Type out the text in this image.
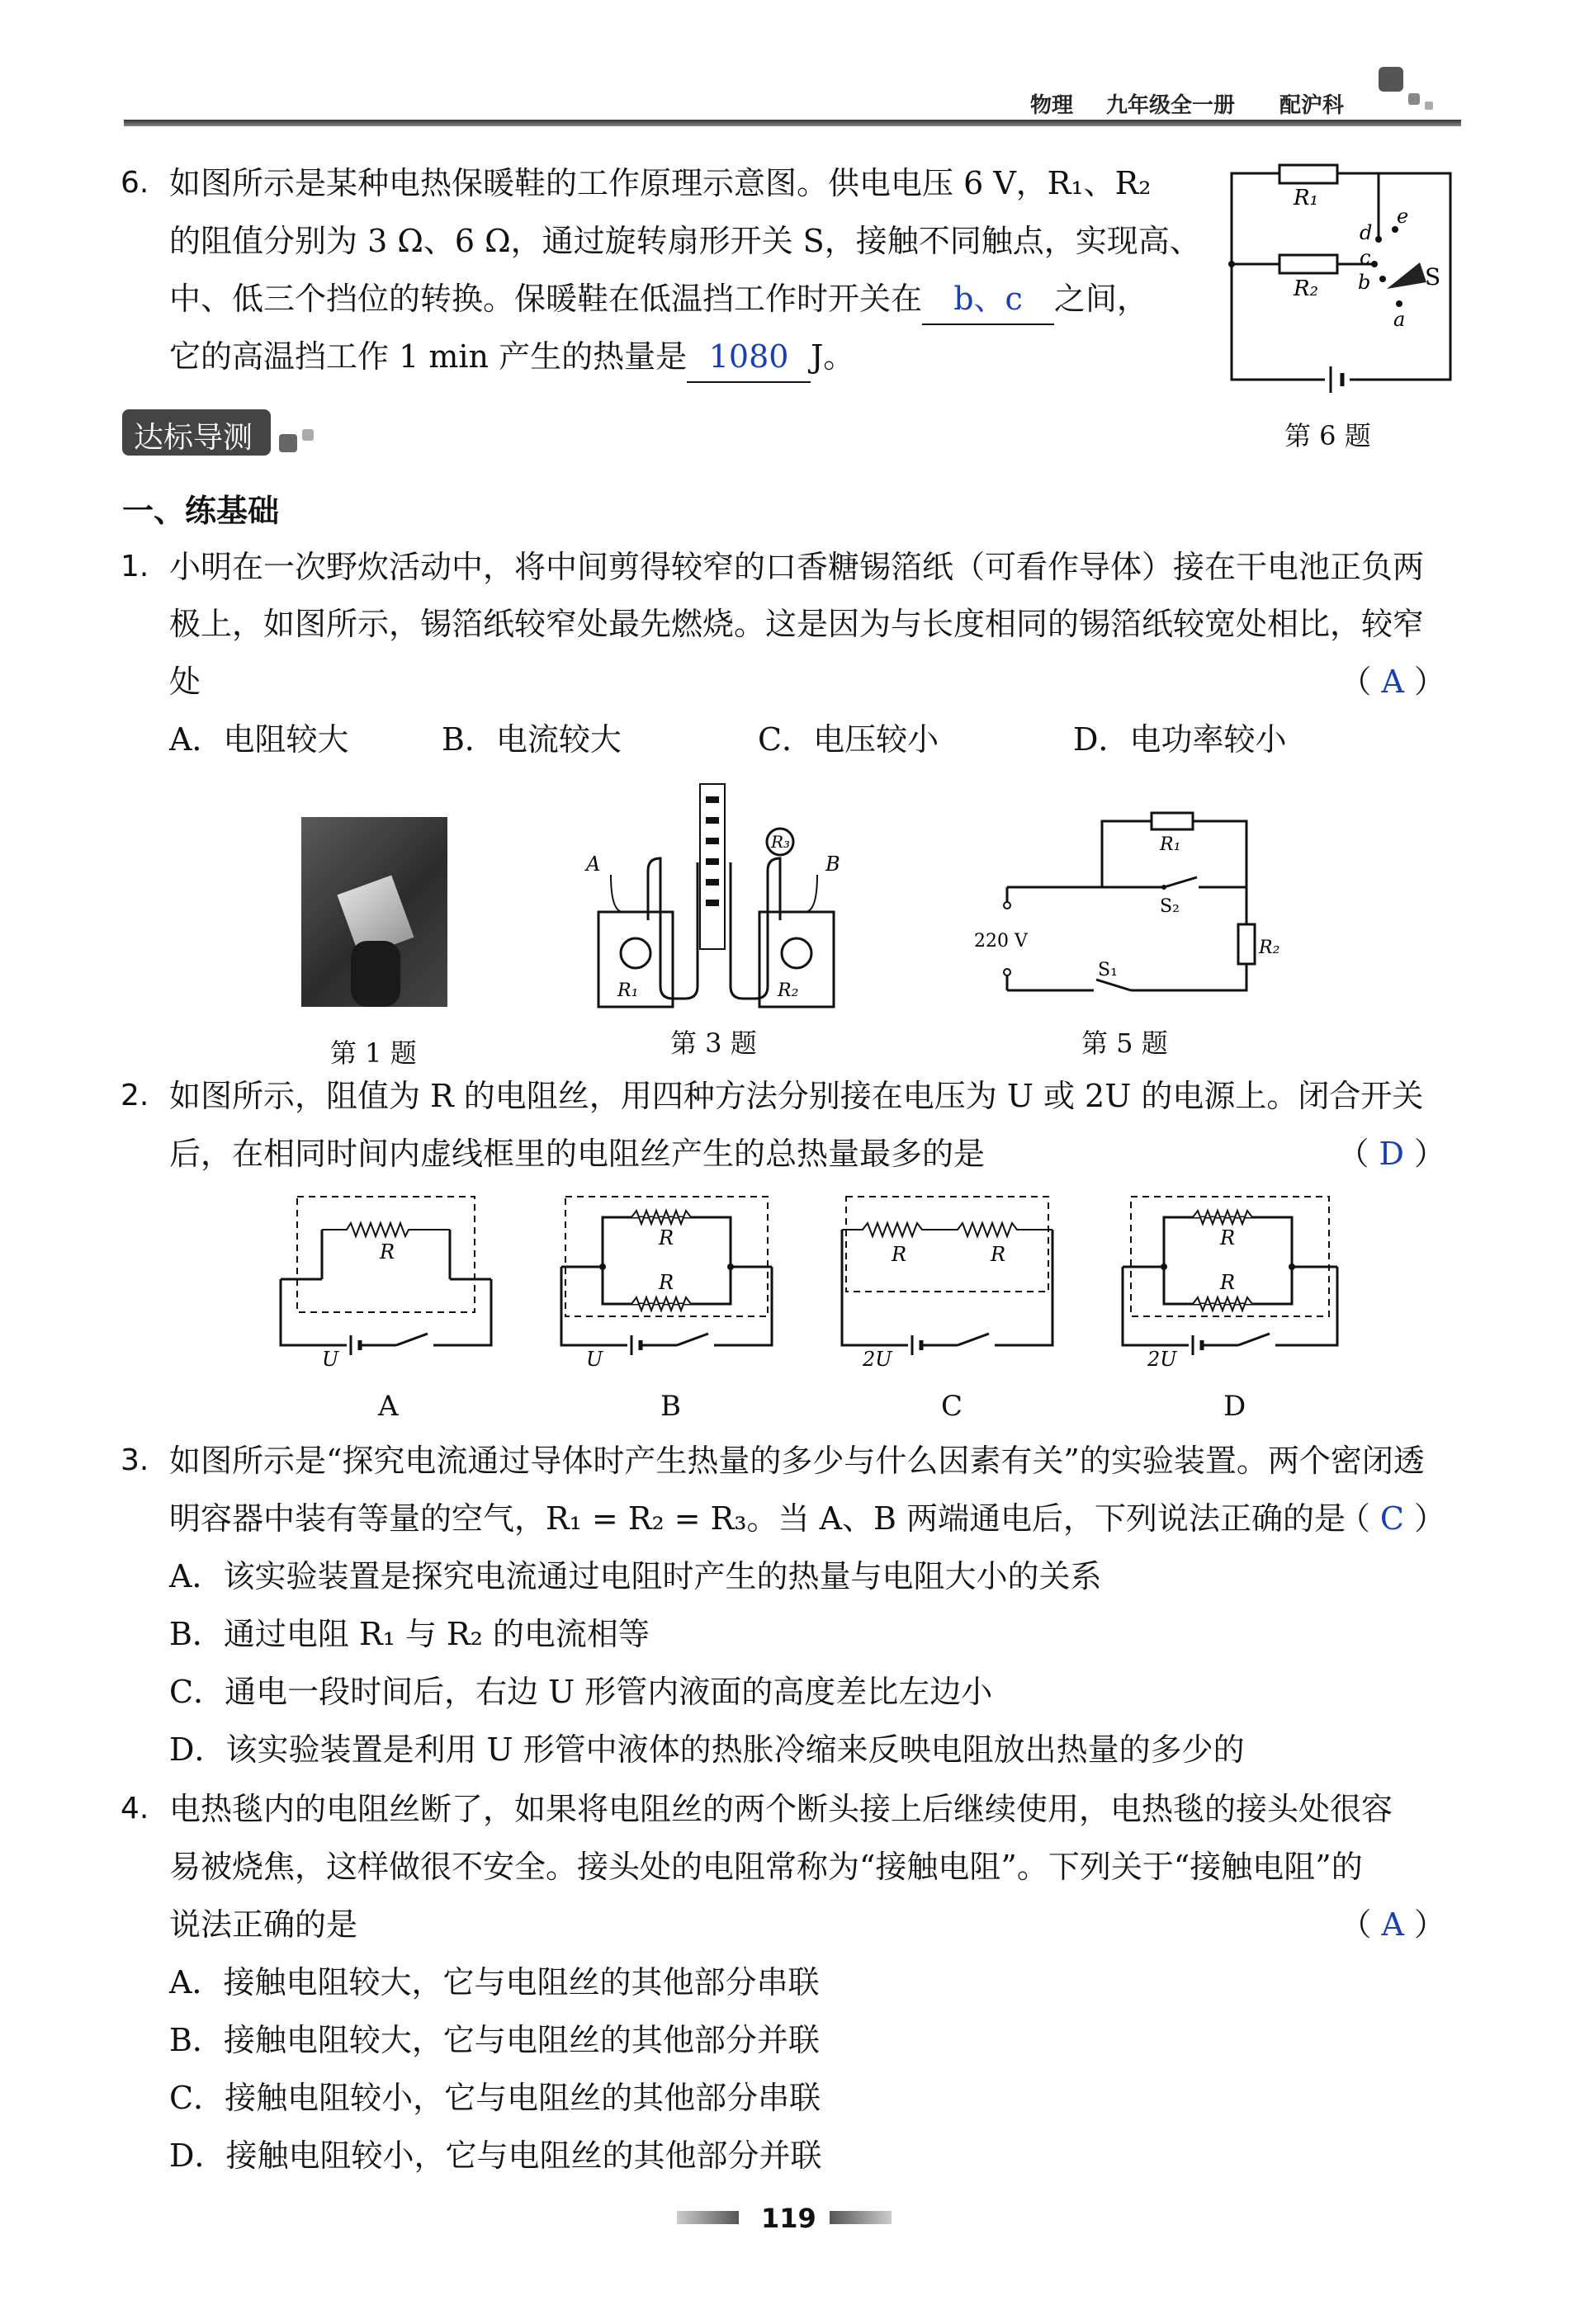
物理 九年级全一册 配沪科
6. 如图所示是某种电热保暖鞋的工作原理示意图。供电电压 6 V，R₁、R₂
的阻值分别为 3 Ω、6 Ω，通过旋转扇形开关 S，接触不同触点，实现高、
中、低三个挡位的转换。保暖鞋在低温挡工作时开关在 b、c 之间，
它的高温挡工作 1 min 产生的热量是 1080 J。
R₁
R₂
d
e
c
b
a
S
第 6 题
达标导测
一、练基础
1. 小明在一次野炊活动中，将中间剪得较窄的口香糖锡箔纸（可看作导体）接在干电池正负两
极上，如图所示，锡箔纸较窄处最先燃烧。这是因为与长度相同的锡箔纸较宽处相比，较窄
处	（ A ）
A．电阻较大	B．电流较大	C．电压较小	D．电功率较小
第 1 题
A	B
R₁	R₂
R₃
第 3 题
R₁
S₂
R₂
S₁
220 V
第 5 题
2. 如图所示，阻值为 R 的电阻丝，用四种方法分别接在电压为 U 或 2U 的电源上。闭合开关
后，在相同时间内虚线框里的电阻丝产生的总热量最多的是	（ D ）
R
U
A
R
R
U
B
R	R
2U
C
R
R
2U
D
3. 如图所示是“探究电流通过导体时产生热量的多少与什么因素有关”的实验装置。两个密闭透
明容器中装有等量的空气，R₁ = R₂ = R₃。当 A、B 两端通电后，下列说法正确的是
（ C ）
A．该实验装置是探究电流通过电阻时产生的热量与电阻大小的关系
B．通过电阻 R₁ 与 R₂ 的电流相等
C．通电一段时间后，右边 U 形管内液面的高度差比左边小
D．该实验装置是利用 U 形管中液体的热胀冷缩来反映电阻放出热量的多少的
4. 电热毯内的电阻丝断了，如果将电阻丝的两个断头接上后继续使用，电热毯的接头处很容
易被烧焦，这样做很不安全。接头处的电阻常称为“接触电阻”。下列关于“接触电阻”的
说法正确的是	（ A ）
A．接触电阻较大，它与电阻丝的其他部分串联
B．接触电阻较大，它与电阻丝的其他部分并联
C．接触电阻较小，它与电阻丝的其他部分串联
D．接触电阻较小，它与电阻丝的其他部分并联
119
